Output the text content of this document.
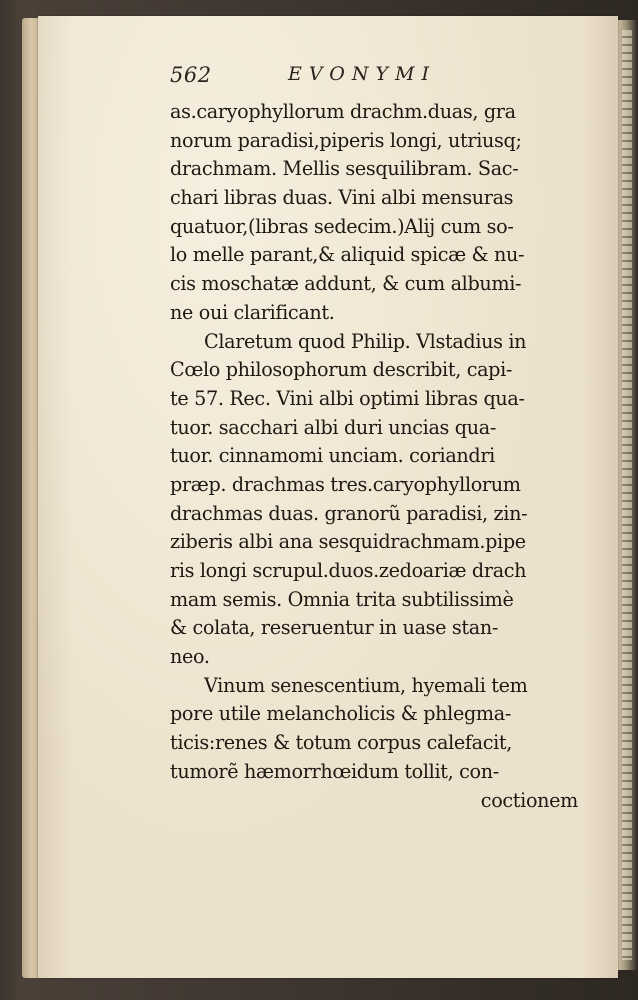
562	EVONYMI
as.caryophyllorum drachm.duas, gra
norum paradisi,piperis longi, utriusq;
drachmam. Mellis sesquilibram. Sac-
chari libras duas. Vini albi mensuras
quatuor,(libras sedecim.)Alij cum so-
lo melle parant,& aliquid spicæ & nu-
cis moschatæ addunt, & cum albumi-
ne oui clarificant.
Claretum quod Philip. Vlstadius in
Cœlo philosophorum describit, capi-
te 57. Rec. Vini albi optimi libras qua-
tuor. sacchari albi duri uncias qua-
tuor. cinnamomi unciam. coriandri
præp. drachmas tres.caryophyllorum
drachmas duas. granorũ paradisi, zin-
ziberis albi ana sesquidrachmam.pipe
ris longi scrupul.duos.zedoariæ drach
mam semis. Omnia trita subtilissimè
& colata, reseruentur in uase stan-
neo.
Vinum senescentium, hyemali tem
pore utile melancholicis & phlegma-
ticis:renes & totum corpus calefacit,
tumorẽ hæmorrhœidum tollit, con-
coctionem
